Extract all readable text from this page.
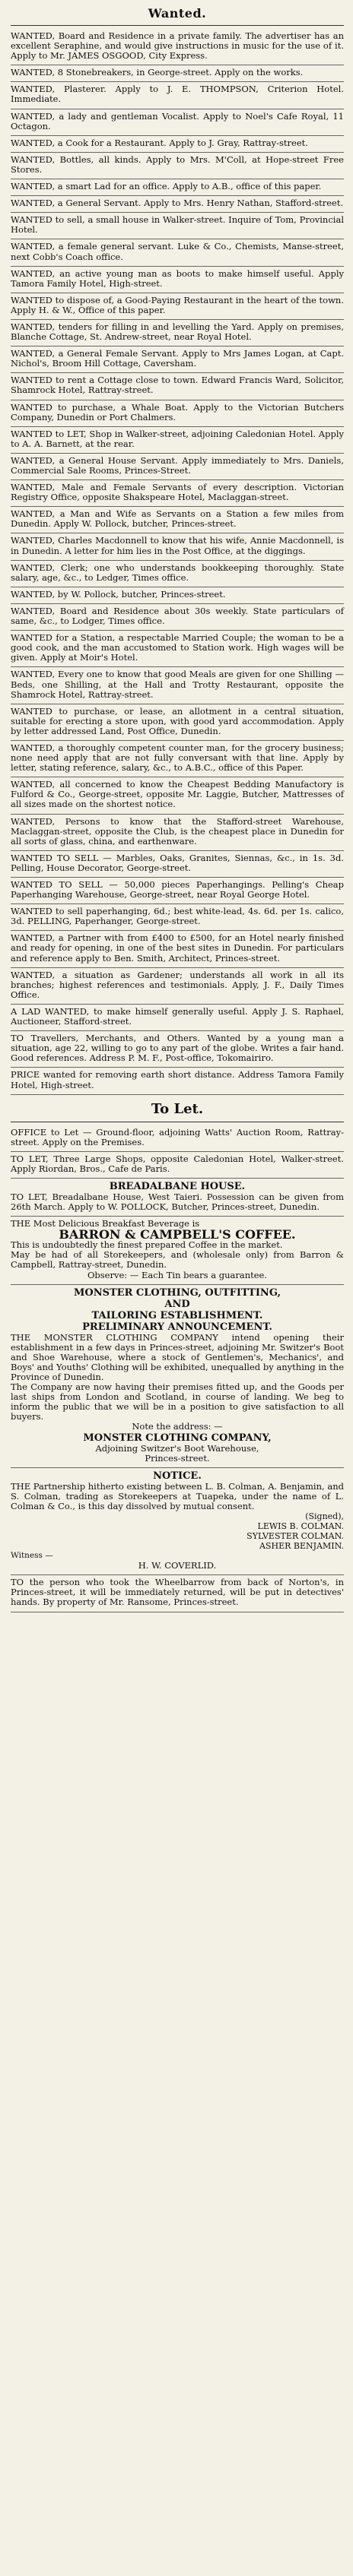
Wanted.
WANTED, Board and Residence in a private family. The advertiser has an excellent Seraphine, and would give instructions in music for the use of it. Apply to Mr. JAMES OSGOOD, City Express.
WANTED, 8 Stonebreakers, in George-street. Apply on the works.
WANTED, Plasterer. Apply to J. E. THOMPSON, Criterion Hotel. Immediate.
WANTED, a lady and gentleman Vocalist. Apply to Noel's Cafe Royal, 11 Octagon.
WANTED, a Cook for a Restaurant. Apply to J. Gray, Rattray-street.
WANTED, Bottles, all kinds. Apply to Mrs. M'Coll, at Hope-street Free Stores.
WANTED, a smart Lad for an office. Apply to A.B., office of this paper.
WANTED, a General Servant. Apply to Mrs. Henry Nathan, Stafford-street.
WANTED to sell, a small house in Walker-street. Inquire of Tom, Provincial Hotel.
WANTED, a female general servant. Luke & Co., Chemists, Manse-street, next Cobb's Coach office.
WANTED, an active young man as boots to make himself useful. Apply Tamora Family Hotel, High-street.
WANTED to dispose of, a Good-Paying Restaurant in the heart of the town. Apply H. & W., Office of this paper.
WANTED, tenders for filling in and levelling the Yard. Apply on premises, Blanche Cottage, St. Andrew-street, near Royal Hotel.
WANTED, a General Female Servant. Apply to Mrs James Logan, at Capt. Nichol's, Broom Hill Cottage, Caversham.
WANTED to rent a Cottage close to town. Edward Francis Ward, Solicitor, Shamrock Hotel, Rattray-street.
WANTED to purchase, a Whale Boat. Apply to the Victorian Butchers Company, Dunedin or Port Chalmers.
WANTED to LET, Shop in Walker-street, adjoining Caledonian Hotel. Apply to A. A. Barnett, at the rear.
WANTED, a General House Servant. Apply immediately to Mrs. Daniels, Commercial Sale Rooms, Princes-Street.
WANTED, Male and Female Servants of every description. Victorian Registry Office, opposite Shakspeare Hotel, Maclaggan-street.
WANTED, a Man and Wife as Servants on a Station a few miles from Dunedin. Apply W. Pollock, butcher, Princes-street.
WANTED, Charles Macdonnell to know that his wife, Annie Macdonnell, is in Dunedin. A letter for him lies in the Post Office, at the diggings.
WANTED, Clerk; one who understands bookkeeping thoroughly. State salary, age, &c., to Ledger, Times office.
WANTED, by W. Pollock, butcher, Princes-street.
WANTED, Board and Residence about 30s weekly. State particulars of same, &c., to Lodger, Times office.
WANTED for a Station, a respectable Married Couple; the woman to be a good cook, and the man accustomed to Station work. High wages will be given. Apply at Moir's Hotel.
WANTED, Every one to know that good Meals are given for one Shilling — Beds, one Shilling, at the Hall and Trotty Restaurant, opposite the Shamrock Hotel, Rattray-street.
WANTED to purchase, or lease, an allotment in a central situation, suitable for erecting a store upon, with good yard accommodation. Apply by letter addressed Land, Post Office, Dunedin.
WANTED, a thoroughly competent counter man, for the grocery business; none need apply that are not fully conversant with that line. Apply by letter, stating reference, salary, &c., to A.B.C., office of this Paper.
WANTED, all concerned to know the Cheapest Bedding Manufactory is Fulford & Co., George-street, opposite Mr. Laggie, Butcher, Mattresses of all sizes made on the shortest notice.
WANTED, Persons to know that the Stafford-street Warehouse, Maclaggan-street, opposite the Club, is the cheapest place in Dunedin for all sorts of glass, china, and earthenware.
WANTED TO SELL — Marbles, Oaks, Granites, Siennas, &c., in 1s. 3d. Pelling, House Decorator, George-street.
WANTED TO SELL — 50,000 pieces Paperhangings. Pelling's Cheap Paperhanging Warehouse, George-street, near Royal George Hotel.
WANTED to sell paperhanging, 6d.; best white-lead, 4s. 6d. per 1s. calico, 3d. PELLING, Paperhanger, George-street.
WANTED, a Partner with from £400 to £500, for an Hotel nearly finished and ready for opening, in one of the best sites in Dunedin. For particulars and reference apply to Ben. Smith, Architect, Princes-street.
WANTED, a situation as Gardener; understands all work in all its branches; highest references and testimonials. Apply, J. F., Daily Times Office.
A LAD WANTED, to make himself generally useful. Apply J. S. Raphael, Auctioneer, Stafford-street.
TO Travellers, Merchants, and Others. Wanted by a young man a situation, age 22, willing to go to any part of the globe. Writes a fair hand. Good references. Address P. M. F., Post-office, Tokomairiro.
PRICE wanted for removing earth short distance. Address Tamora Family Hotel, High-street.
To Let.
OFFICE to Let — Ground-floor, adjoining Watts' Auction Room, Rattray-street. Apply on the Premises.
TO LET, Three Large Shops, opposite Caledonian Hotel, Walker-street. Apply Riordan, Bros., Cafe de Paris.
BREADALBANE HOUSE.
TO LET, Breadalbane House, West Taieri. Possession can be given from 26th March. Apply to W. POLLOCK, Butcher, Princes-street, Dunedin.
THE Most Delicious Breakfast Beverage is
BARRON & CAMPBELL'S COFFEE.
This is undoubtedly the finest prepared Coffee in the market.
May be had of all Storekeepers, and (wholesale only) from Barron & Campbell, Rattray-street, Dunedin.
Observe: — Each Tin bears a guarantee.
MONSTER CLOTHING, OUTFITTING,
AND
TAILORING ESTABLISHMENT.
PRELIMINARY ANNOUNCEMENT.
THE MONSTER CLOTHING COMPANY intend opening their establishment in a few days in Princes-street, adjoining Mr. Switzer's Boot and Shoe Warehouse, where a stock of Gentlemen's, Mechanics', and Boys' and Youths' Clothing will be exhibited, unequalled by anything in the Province of Dunedin.
The Company are now having their premises fitted up, and the Goods per last ships from London and Scotland, in course of landing. We beg to inform the public that we will be in a position to give satisfaction to all buyers.
Note the address: —
MONSTER CLOTHING COMPANY,
Adjoining Switzer's Boot Warehouse,
Princes-street.
NOTICE.
THE Partnership hitherto existing between L. B. Colman, A. Benjamin, and S. Colman, trading as Storekeepers at Tuapeka, under the name of L. Colman & Co., is this day dissolved by mutual consent.
(Signed),
LEWIS B. COLMAN.
SYLVESTER COLMAN.
ASHER BENJAMIN.
Witness —
H. W. COVERLID.
TO the person who took the Wheelbarrow from back of Norton's, in Princes-street, it will be immediately returned, will be put in detectives' hands. By property of Mr. Ransome, Princes-street.
